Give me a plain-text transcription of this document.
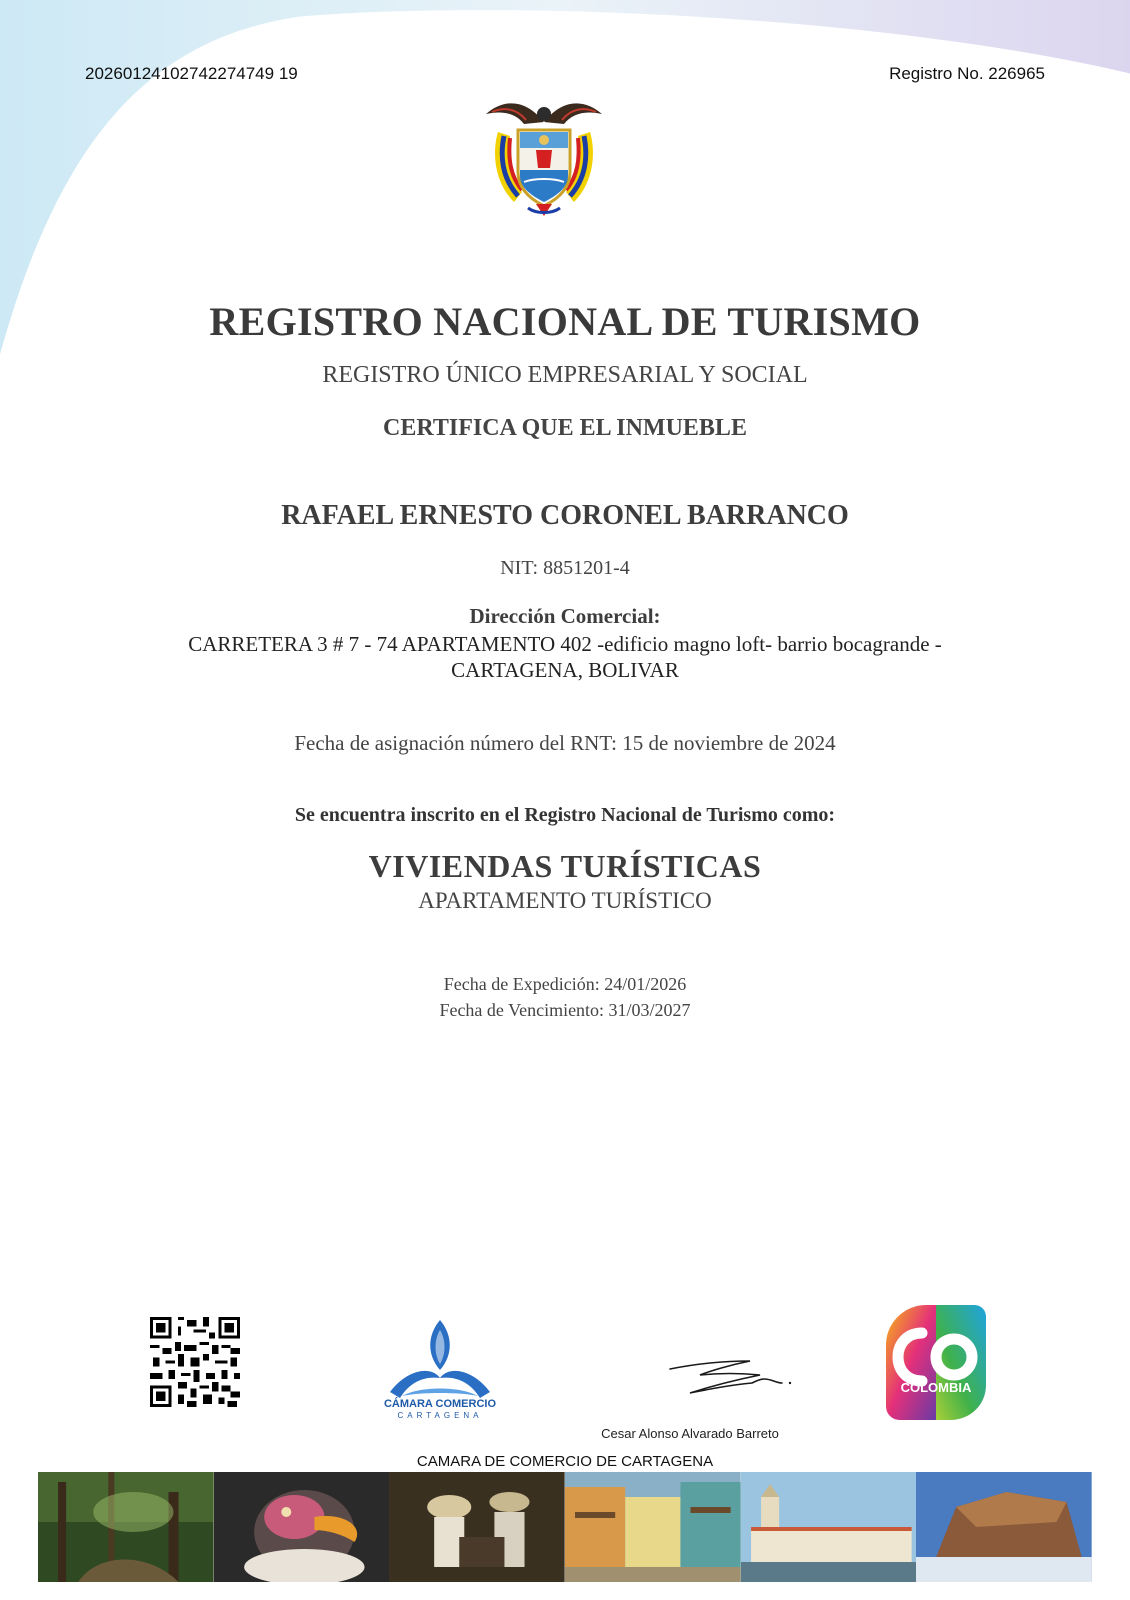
20260124102742274749 19	Registro No. 226965
REGISTRO NACIONAL DE TURISMO
REGISTRO ÚNICO EMPRESARIAL Y SOCIAL
CERTIFICA QUE EL INMUEBLE
RAFAEL ERNESTO CORONEL BARRANCO
NIT: 8851201-4
Dirección Comercial:
CARRETERA 3 # 7 - 74 APARTAMENTO 402 -edificio magno loft- barrio bocagrande -
CARTAGENA, BOLIVAR
Fecha de asignación número del RNT: 15 de noviembre de 2024
Se encuentra inscrito en el Registro Nacional de Turismo como:
VIVIENDAS TURÍSTICAS
APARTAMENTO TURÍSTICO
Fecha de Expedición: 24/01/2026
Fecha de Vencimiento: 31/03/2027
CÁMARA COMERCIO
CARTAGENA
Cesar Alonso Alvarado Barreto
COLOMBIA
CAMARA DE COMERCIO DE CARTAGENA
